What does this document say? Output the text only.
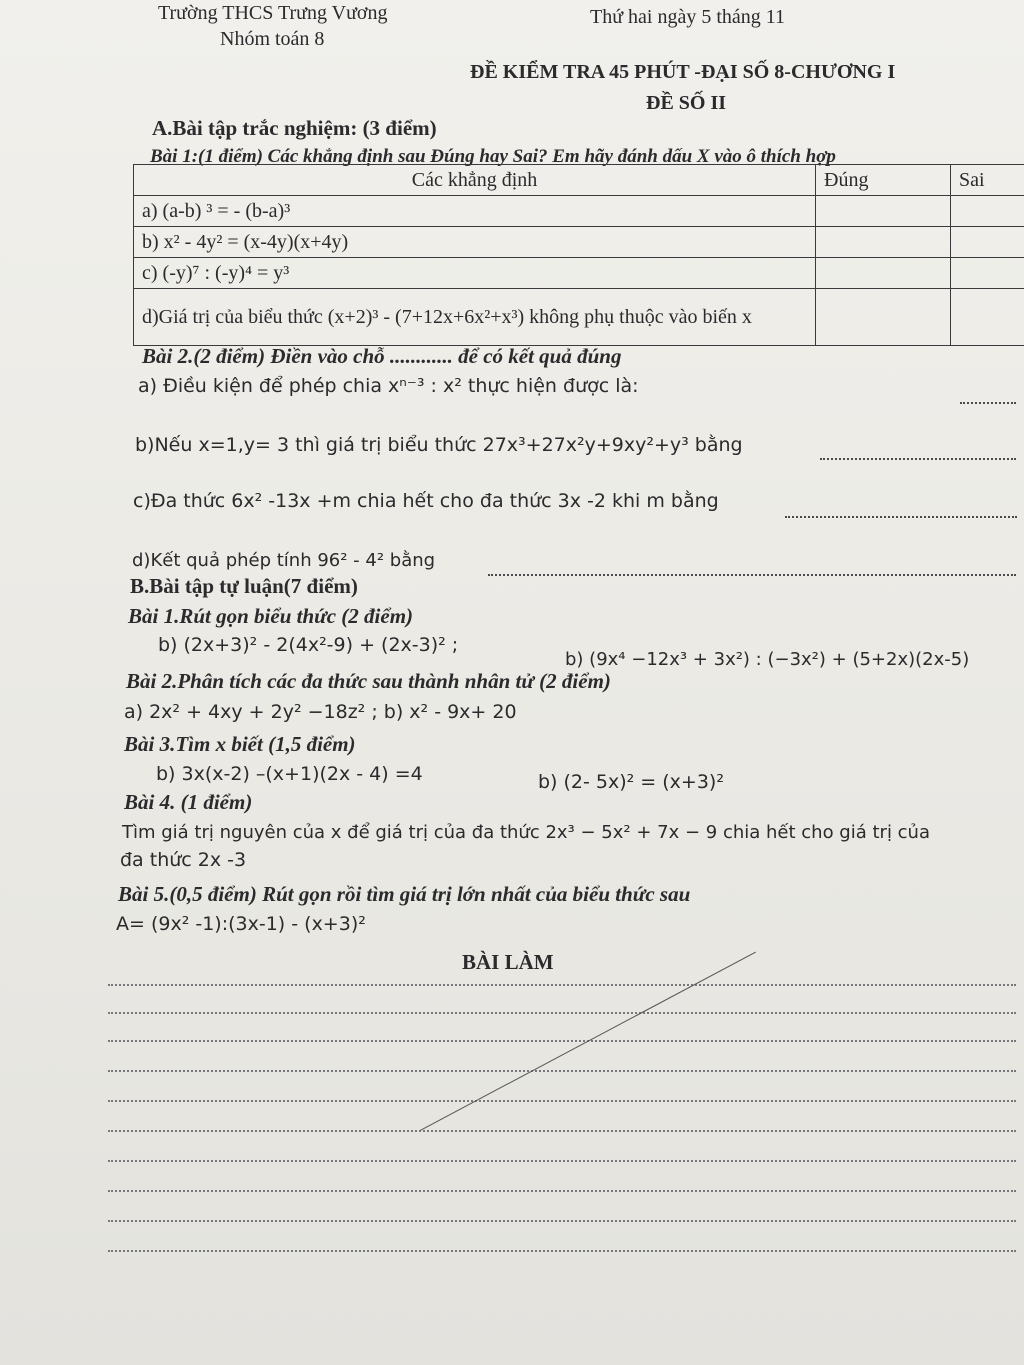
Trường THCS Trưng Vương
Nhóm toán 8
Thứ hai ngày 5 tháng 11
ĐỀ KIỂM TRA 45 PHÚT -ĐẠI SỐ 8-CHƯƠNG I
ĐỀ SỐ II
A.Bài tập trắc nghiệm: (3 điểm)
Bài 1:(1 điểm) Các khẳng định sau Đúng hay Sai? Em hãy đánh dấu X vào ô thích hợp
Các khẳng định	Đúng	Sai
a) (a-b) ³ = - (b-a)³		
b) x² - 4y² = (x-4y)(x+4y)		
c) (-y)⁷ : (-y)⁴ = y³		
d)Giá trị của biểu thức (x+2)³ - (7+12x+6x²+x³) không phụ thuộc vào biến x		
Bài 2.(2 điểm) Điền vào chỗ ............ để có kết quả đúng
a) Điều kiện để phép chia xⁿ⁻³ : x² thực hiện được là:
b)Nếu x=1,y= 3 thì giá trị biểu thức 27x³+27x²y+9xy²+y³ bằng
c)Đa thức 6x² -13x +m chia hết cho đa thức 3x -2 khi m bằng
d)Kết quả phép tính 96² - 4² bằng
B.Bài tập tự luận(7 điểm)
Bài 1.Rút gọn biểu thức (2 điểm)
b) (2x+3)² - 2(4x²-9) + (2x-3)² ;
b) (9x⁴ −12x³ + 3x²) : (−3x²) + (5+2x)(2x-5)
Bài 2.Phân tích các đa thức sau thành nhân tử (2 điểm)
a) 2x² + 4xy + 2y² −18z² ; b) x² - 9x+ 20
Bài 3.Tìm x biết (1,5 điểm)
b) 3x(x-2) –(x+1)(2x - 4) =4	b) (2- 5x)² = (x+3)²
Bài 4. (1 điểm)
Tìm giá trị nguyên của x để giá trị của đa thức 2x³ − 5x² + 7x − 9 chia hết cho giá trị của
đa thức 2x -3
Bài 5.(0,5 điểm) Rút gọn rồi tìm giá trị lớn nhất của biểu thức sau
A= (9x² -1):(3x-1) - (x+3)²
BÀI LÀM
